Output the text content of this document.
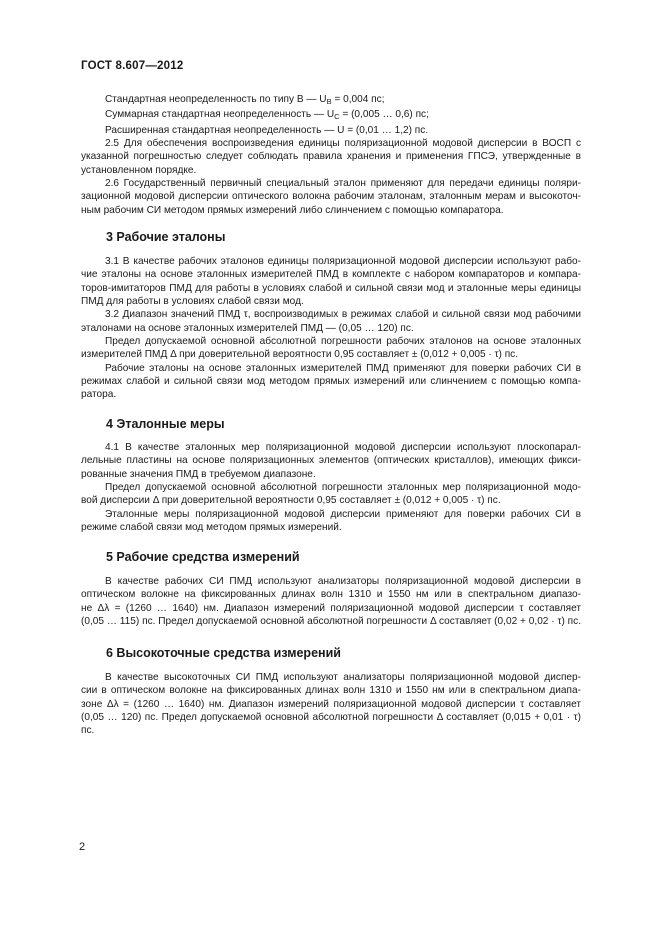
ГОСТ 8.607—2012
Стандартная неопределенность по типу B — $U_B = 0,004$ пс;
Суммарная стандартная неопределенность — $U_C = (0,005$ … 0,6) пс;
Расширенная стандартная неопределенность — U = (0,01 … 1,2) пс.
2.5 Для обеспечения воспроизведения единицы поляризационной модовой дисперсии в ВОСП с
указанной погрешностью следует соблюдать правила хранения и применения ГПСЭ, утвержденные в
установленном порядке.
2.6 Государственный первичный специальный эталон применяют для передачи единицы поляри-
зационной модовой дисперсии оптического волокна рабочим эталонам, эталонным мерам и высокоточ-
ным рабочим СИ методом прямых измерений либо слинчением с помощью компаратора.
3 Рабочие эталоны
3.1 В качестве рабочих эталонов единицы поляризационной модовой дисперсии используют рабо-
чие эталоны на основе эталонных измерителей ПМД в комплекте с набором компараторов и компара-
торов-имитаторов ПМД для работы в условиях слабой и сильной связи мод и эталонные меры единицы
ПМД для работы в условиях слабой связи мод.
3.2 Диапазон значений ПМД τ, воспроизводимых в режимах слабой и сильной связи мод рабочими
эталонами на основе эталонных измерителей ПМД — (0,05 … 120) пс.
Предел допускаемой основной абсолютной погрешности рабочих эталонов на основе эталонных
измерителей ПМД Δ при доверительной вероятности 0,95 составляет ± (0,012 + 0,005 · τ) пс.
Рабочие эталоны на основе эталонных измерителей ПМД применяют для поверки рабочих СИ в
режимах слабой и сильной связи мод методом прямых измерений или слинчением с помощью компа-
ратора.
4 Эталонные меры
4.1 В качестве эталонных мер поляризационной модовой дисперсии используют плоскопарал-
лельные пластины на основе поляризационных элементов (оптических кристаллов), имеющих фикси-
рованные значения ПМД в требуемом диапазоне.
Предел допускаемой основной абсолютной погрешности эталонных мер поляризационной модо-
вой дисперсии Δ при доверительной вероятности 0,95 составляет ± (0,012 + 0,005 · τ) пс.
Эталонные меры поляризационной модовой дисперсии применяют для поверки рабочих СИ в
режиме слабой связи мод методом прямых измерений.
5 Рабочие средства измерений
В качестве рабочих СИ ПМД используют анализаторы поляризационной модовой дисперсии в
оптическом волокне на фиксированных длинах волн 1310 и 1550 нм или в спектральном диапазо-
не Δλ = (1260 … 1640) нм. Диапазон измерений поляризационной модовой дисперсии τ составляет
(0,05 … 115) пс. Предел допускаемой основной абсолютной погрешности Δ составляет (0,02 + 0,02 · τ) пс.
6 Высокоточные средства измерений
В качестве высокоточных СИ ПМД используют анализаторы поляризационной модовой диспер-
сии в оптическом волокне на фиксированных длинах волн 1310 и 1550 нм или в спектральном диапа-
зоне Δλ = (1260 … 1640) нм. Диапазон измерений поляризационной модовой дисперсии τ составляет
(0,05 … 120) пс. Предел допускаемой основной абсолютной погрешности Δ составляет (0,015 + 0,01 · τ) пс.
2
